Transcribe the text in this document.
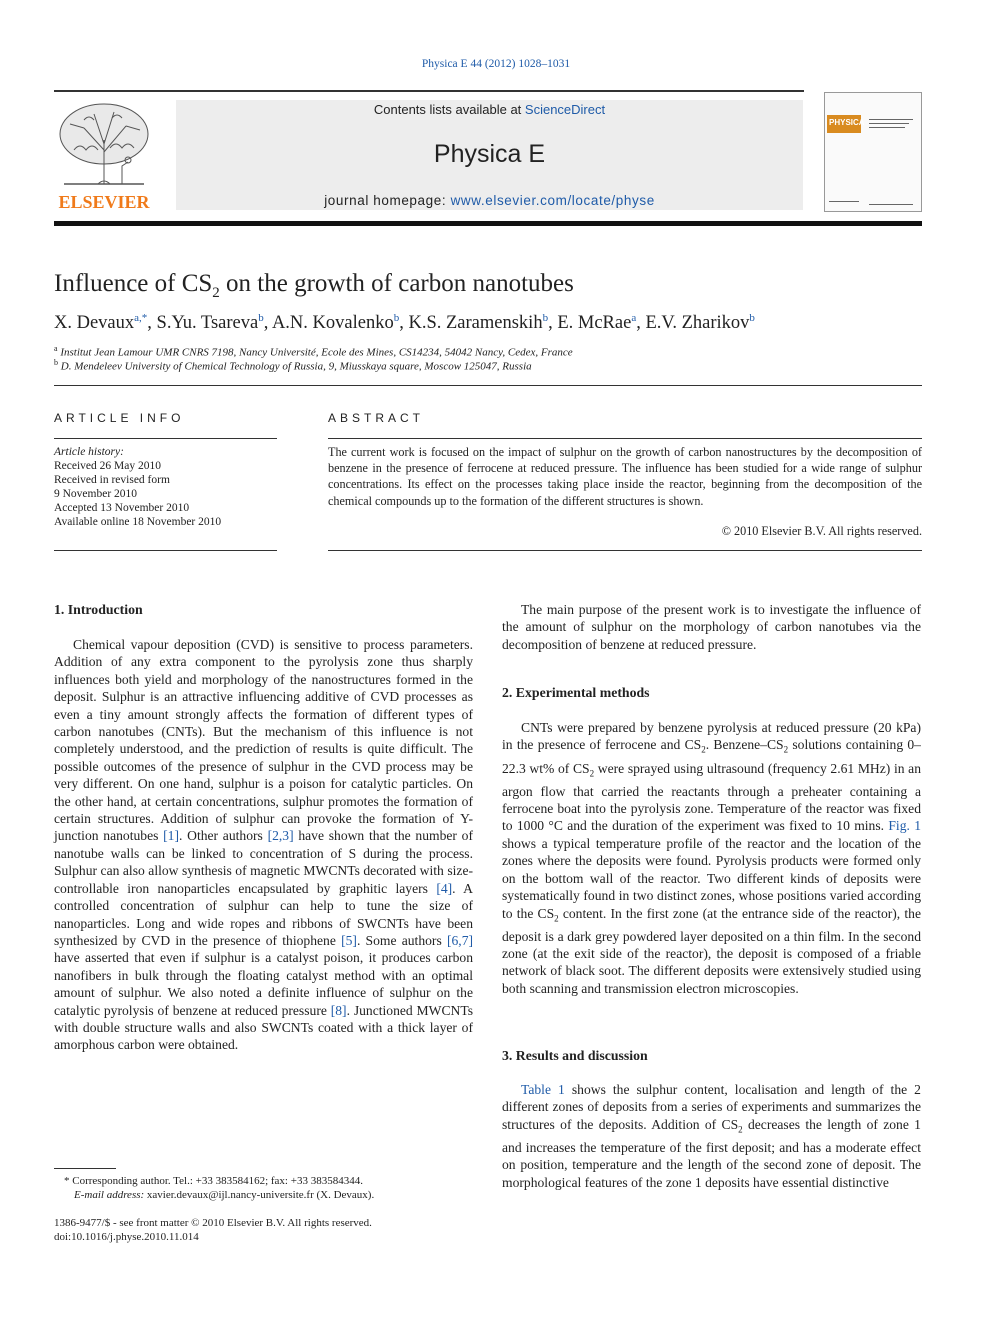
Physica E 44 (2012) 1028–1031
ELSEVIER
Contents lists available at ScienceDirect
Physica E
journal homepage: www.elsevier.com/locate/physe
PHYSICA
Influence of $CS_2$ on the growth of carbon nanotubes
X. Devaux$^{a,*}$, S.Yu. Tsareva$^b$, A.N. Kovalenko$^b$, K.S. Zaramenskih$^b$, E. McRae$^a$, E.V. Zharikov$^b$
$^a$ Institut Jean Lamour UMR CNRS 7198, Nancy Université, Ecole des Mines, CS14234, 54042 Nancy, Cedex, France
$^b$ D. Mendeleev University of Chemical Technology of Russia, 9, Miusskaya square, Moscow 125047, Russia
ARTICLE INFO
Article history:
Received 26 May 2010
Received in revised form
9 November 2010
Accepted 13 November 2010
Available online 18 November 2010
ABSTRACT
The current work is focused on the impact of sulphur on the growth of carbon nanostructures by the decomposition of benzene in the presence of ferrocene at reduced pressure. The influence has been studied for a wide range of sulphur concentrations. Its effect on the processes taking place inside the reactor, beginning from the decomposition of the chemical compounds up to the formation of the different structures is shown.
© 2010 Elsevier B.V. All rights reserved.
1. Introduction

Chemical vapour deposition (CVD) is sensitive to process parameters. Addition of any extra component to the pyrolysis zone thus sharply influences both yield and morphology of the nanostructures formed in the deposit. Sulphur is an attractive influencing additive of CVD processes as even a tiny amount strongly affects the formation of different types of carbon nanotubes (CNTs). But the mechanism of this influence is not completely understood, and the prediction of results is quite difficult. The possible outcomes of the presence of sulphur in the CVD process may be very different. On one hand, sulphur is a poison for catalytic particles. On the other hand, at certain concentrations, sulphur promotes the formation of certain structures. Addition of sulphur can provoke the formation of Y-junction nanotubes [1]. Other authors [2,3] have shown that the number of nanotube walls can be linked to concentration of S during the process. Sulphur can also allow synthesis of magnetic MWCNTs decorated with size-controllable iron nanoparticles encapsulated by graphitic layers [4]. A controlled concentration of sulphur can help to tune the size of nanoparticles. Long and wide ropes and ribbons of SWCNTs have been synthesized by CVD in the presence of thiophene [5]. Some authors [6,7] have asserted that even if sulphur is a catalyst poison, it produces carbon nanofibers in bulk through the floating catalyst method with an optimal amount of sulphur. We also noted a definite influence of sulphur on the catalytic pyrolysis of benzene at reduced pressure [8]. Junctioned MWCNTs with double structure walls and also SWCNTs coated with a thick layer of amorphous carbon were obtained.

* Corresponding author. Tel.: +33 383584162; fax: +33 383584344.
E-mail address: xavier.devaux@ijl.nancy-universite.fr (X. Devaux).
1386-9477/$ - see front matter © 2010 Elsevier B.V. All rights reserved.
doi:10.1016/j.physe.2010.11.014

The main purpose of the present work is to investigate the influence of the amount of sulphur on the morphology of carbon nanotubes via the decomposition of benzene at reduced pressure.

2. Experimental methods

CNTs were prepared by benzene pyrolysis at reduced pressure (20 kPa) in the presence of ferrocene and $CS_2$. Benzene–$CS_2$ solutions containing 0–22.3 wt% of $CS_2$ were sprayed using ultrasound (frequency 2.61 MHz) in an argon flow that carried the reactants through a preheater containing a ferrocene boat into the pyrolysis zone. Temperature of the reactor was fixed to 1000 °C and the duration of the experiment was fixed to 10 mins. Fig. 1 shows a typical temperature profile of the reactor and the location of the zones where the deposits were found. Pyrolysis products were formed only on the bottom wall of the reactor. Two different kinds of deposits were systematically found in two distinct zones, whose positions varied according to the $CS_2$ content. In the first zone (at the entrance side of the reactor), the deposit is a dark grey powdered layer deposited on a thin film. In the second zone (at the exit side of the reactor), the deposit is composed of a friable network of black soot. The different deposits were extensively studied using both scanning and transmission electron microscopies.

3. Results and discussion

Table 1 shows the sulphur content, localisation and length of the 2 different zones of deposits from a series of experiments and summarizes the structures of the deposits. Addition of $CS_2$ decreases the length of zone 1 and increases the temperature of the first deposit; and has a moderate effect on position, temperature and the length of the second zone of deposit. The morphological features of the zone 1 deposits have essential distinctive
